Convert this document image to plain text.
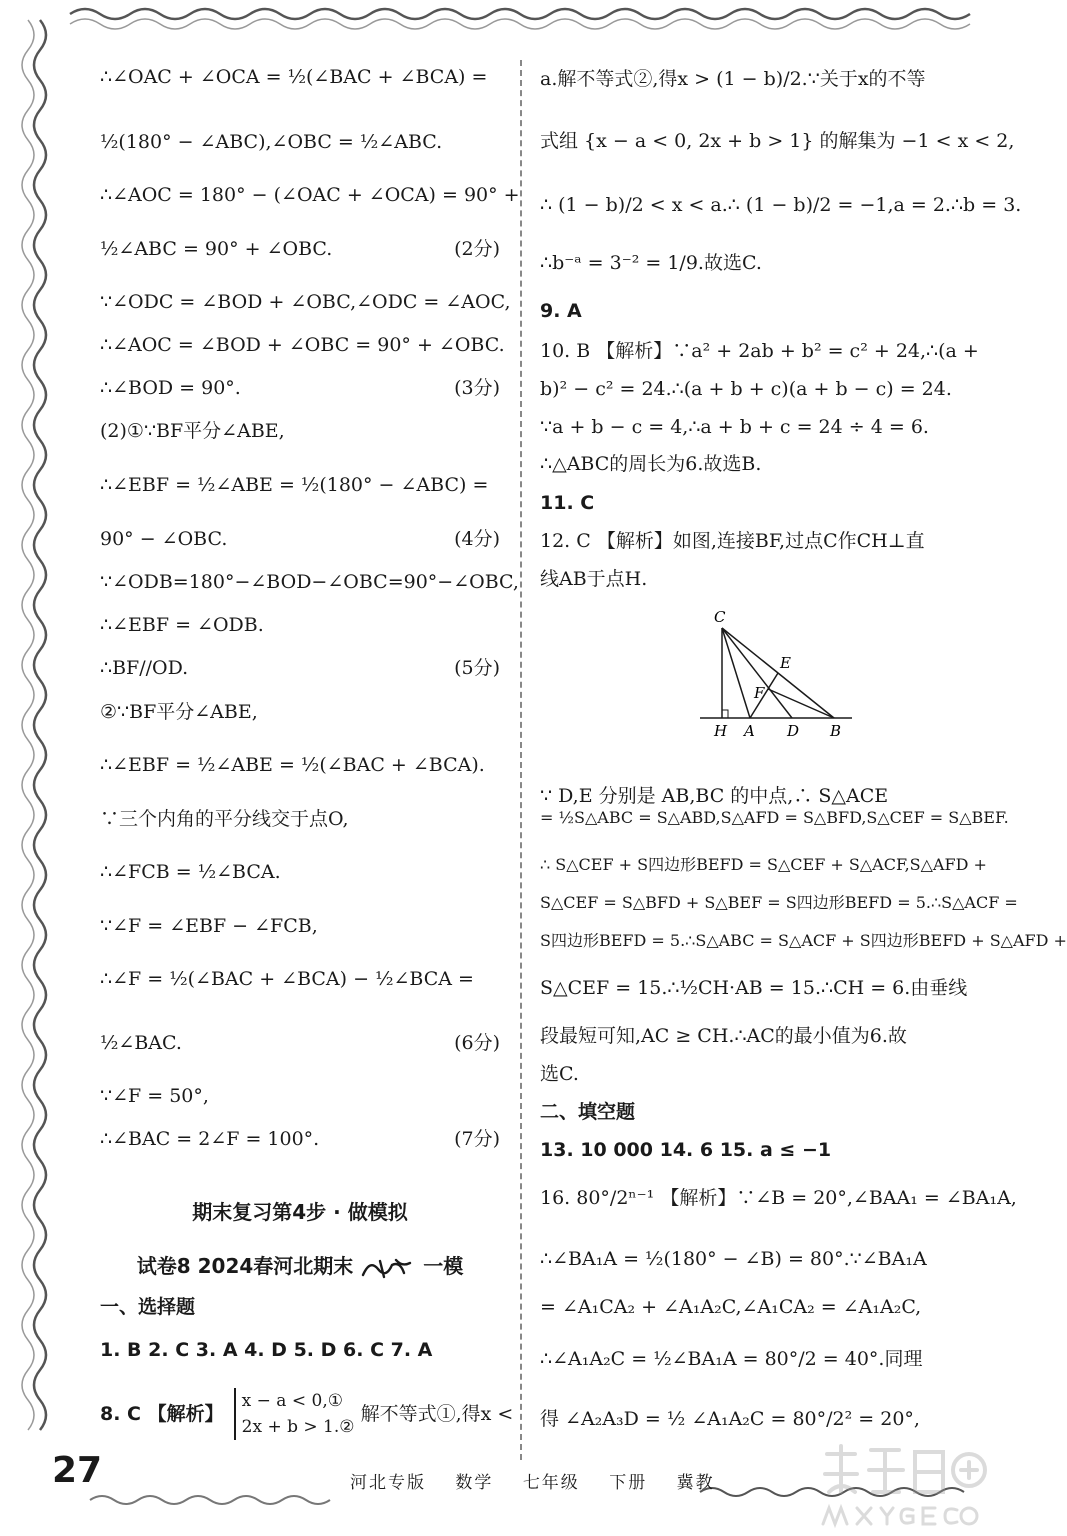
∴∠OAC + ∠OCA = ½(∠BAC + ∠BCA) =
½(180° − ∠ABC),∠OBC = ½∠ABC.
∴∠AOC = 180° − (∠OAC + ∠OCA) = 90° +
½∠ABC = 90° + ∠OBC.	(2分)
∵∠ODC = ∠BOD + ∠OBC,∠ODC = ∠AOC,
∴∠AOC = ∠BOD + ∠OBC = 90° + ∠OBC.
∴∠BOD = 90°.	(3分)
(2)①∵BF平分∠ABE,
∴∠EBF = ½∠ABE = ½(180° − ∠ABC) =
90° − ∠OBC.	(4分)
∵∠ODB=180°−∠BOD−∠OBC=90°−∠OBC,
∴∠EBF = ∠ODB.
∴BF//OD.	(5分)
②∵BF平分∠ABE,
∴∠EBF = ½∠ABE = ½(∠BAC + ∠BCA).
∵三个内角的平分线交于点O,
∴∠FCB = ½∠BCA.
∵∠F = ∠EBF − ∠FCB,
∴∠F = ½(∠BAC + ∠BCA) − ½∠BCA =
½∠BAC.	(6分)
∵∠F = 50°,
∴∠BAC = 2∠F = 100°.	(7分)
期末复习第4步 · 做模拟
试卷8 2024春河北期末	一模
一、选择题
1. B 2. C 3. A 4. D 5. D 6. C 7. A
8. C 【解析】
x − a < 0,①
2x + b > 1.②
解不等式①,得x <
a.解不等式②,得x > (1 − b)/2.∵关于x的不等
式组 {x − a < 0, 2x + b > 1} 的解集为 −1 < x < 2,
∴ (1 − b)/2 < x < a.∴ (1 − b)/2 = −1,a = 2.∴b = 3.
∴b⁻ᵃ = 3⁻² = 1/9.故选C.
9. A
10. B 【解析】∵a² + 2ab + b² = c² + 24,∴(a +
b)² − c² = 24.∴(a + b + c)(a + b − c) = 24.
∵a + b − c = 4,∴a + b + c = 24 ÷ 4 = 6.
∴△ABC的周长为6.故选B.
11. C
12. C 【解析】如图,连接BF,过点C作CH⊥直
线AB于点H.
∵ D,E 分别是 AB,BC 的中点,∴ S△ACE
= ½S△ABC = S△ABD,S△AFD = S△BFD,S△CEF = S△BEF.
∴ S△CEF + S四边形BEFD = S△CEF + S△ACF,S△AFD +
S△CEF = S△BFD + S△BEF = S四边形BEFD = 5.∴S△ACF =
S四边形BEFD = 5.∴S△ABC = S△ACF + S四边形BEFD + S△AFD +
S△CEF = 15.∴½CH·AB = 15.∴CH = 6.由垂线
段最短可知,AC ≥ CH.∴AC的最小值为6.故
选C.
二、填空题
13. 10 000 14. 6 15. a ≤ −1
16. 80°/2ⁿ⁻¹ 【解析】∵∠B = 20°,∠BAA₁ = ∠BA₁A,
∴∠BA₁A = ½(180° − ∠B) = 80°.∵∠BA₁A
= ∠A₁CA₂ + ∠A₁A₂C,∠A₁CA₂ = ∠A₁A₂C,
∴∠A₁A₂C = ½∠BA₁A = 80°/2 = 40°.同理
得 ∠A₂A₃D = ½ ∠A₁A₂C = 80°/2² = 20°,
C
E
F
H A D B
27	河北专版 数学 七年级 下册 冀教
